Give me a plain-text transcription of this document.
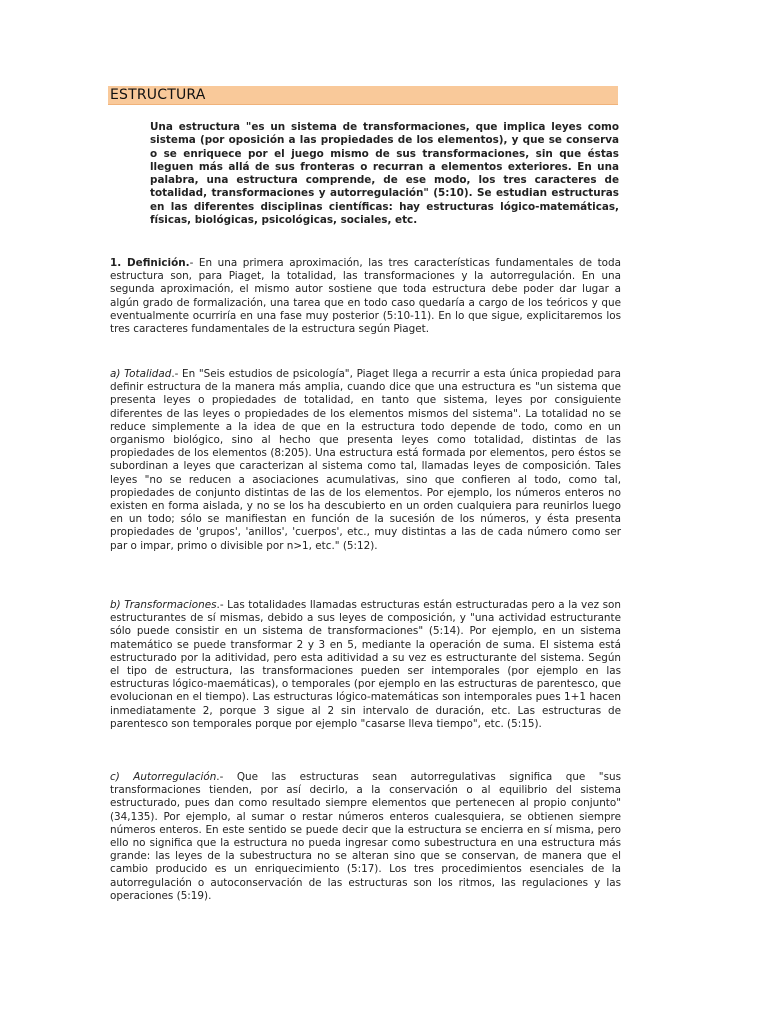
ESTRUCTURA
Una estructura "es un sistema de transformaciones, que implica leyes como sistema (por oposición a las propiedades de los elementos), y que se conserva o se enriquece por el juego mismo de sus transformaciones, sin que éstas lleguen más allá de sus fronteras o recurran a elementos exteriores. En una palabra, una estructura comprende, de ese modo, los tres caracteres de totalidad, transformaciones y autorregulación" (5:10). Se estudian estructuras en las diferentes disciplinas científicas: hay estructuras lógico-matemáticas, físicas, biológicas, psicológicas, sociales, etc.
1. Definición.- En una primera aproximación, las tres características fundamentales de toda estructura son, para Piaget, la totalidad, las transformaciones y la autorregulación. En una segunda aproximación, el mismo autor sostiene que toda estructura debe poder dar lugar a algún grado de formalización, una tarea que en todo caso quedaría a cargo de los teóricos y que eventualmente ocurriría en una fase muy posterior (5:10-11). En lo que sigue, explicitaremos los tres caracteres fundamentales de la estructura según Piaget.
a) Totalidad.- En "Seis estudios de psicología", Piaget llega a recurrir a esta única propiedad para definir estructura de la manera más amplia, cuando dice que una estructura es "un sistema que presenta leyes o propiedades de totalidad, en tanto que sistema, leyes por consiguiente diferentes de las leyes o propiedades de los elementos mismos del sistema". La totalidad no se reduce simplemente a la idea de que en la estructura todo depende de todo, como en un organismo biológico, sino al hecho que presenta leyes como totalidad, distintas de las propiedades de los elementos (8:205). Una estructura está formada por elementos, pero éstos se subordinan a leyes que caracterizan al sistema como tal, llamadas leyes de composición. Tales leyes "no se reducen a asociaciones acumulativas, sino que confieren al todo, como tal, propiedades de conjunto distintas de las de los elementos. Por ejemplo, los números enteros no existen en forma aislada, y no se los ha descubierto en un orden cualquiera para reunirlos luego en un todo; sólo se manifiestan en función de la sucesión de los números, y ésta presenta propiedades de 'grupos', 'anillos', 'cuerpos', etc., muy distintas a las de cada número como ser par o impar, primo o divisible por n>1, etc." (5:12).
b) Transformaciones.- Las totalidades llamadas estructuras están estructuradas pero a la vez son estructurantes de sí mismas, debido a sus leyes de composición, y "una actividad estructurante sólo puede consistir en un sistema de transformaciones" (5:14). Por ejemplo, en un sistema matemático se puede transformar 2 y 3 en 5, mediante la operación de suma. El sistema está estructurado por la aditividad, pero esta aditividad a su vez es estructurante del sistema. Según el tipo de estructura, las transformaciones pueden ser intemporales (por ejemplo en las estructuras lógico-maemáticas), o temporales (por ejemplo en las estructuras de parentesco, que evolucionan en el tiempo). Las estructuras lógico-matemáticas son intemporales pues 1+1 hacen inmediatamente 2, porque 3 sigue al 2 sin intervalo de duración, etc. Las estructuras de parentesco son temporales porque por ejemplo "casarse lleva tiempo", etc. (5:15).
c) Autorregulación.- Que las estructuras sean autorregulativas significa que "sus transformaciones tienden, por así decirlo, a la conservación o al equilibrio del sistema estructurado, pues dan como resultado siempre elementos que pertenecen al propio conjunto" (34,135). Por ejemplo, al sumar o restar números enteros cualesquiera, se obtienen siempre números enteros. En este sentido se puede decir que la estructura se encierra en sí misma, pero ello no significa que la estructura no pueda ingresar como subestructura en una estructura más grande: las leyes de la subestructura no se alteran sino que se conservan, de manera que el cambio producido es un enriquecimiento (5:17). Los tres procedimientos esenciales de la autorregulación o autoconservación de las estructuras son los ritmos, las regulaciones y las operaciones (5:19).
